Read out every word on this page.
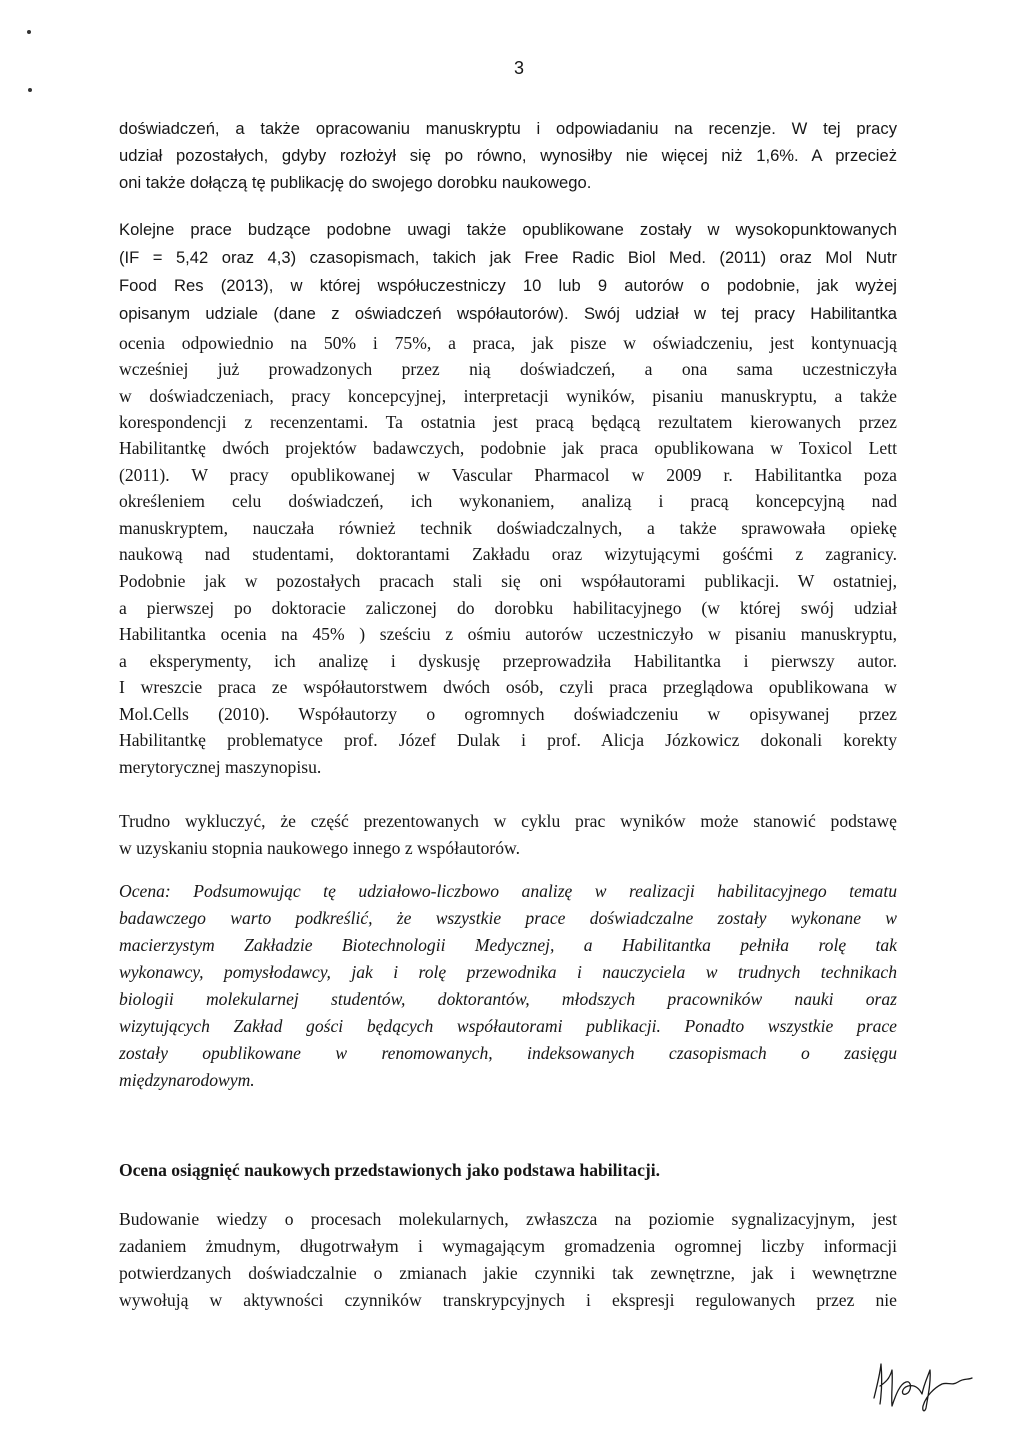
3
doświadczeń, a także opracowaniu manuskryptu i odpowiadaniu na recenzje. W tej pracy
udział pozostałych, gdyby rozłożył się po równo, wynosiłby nie więcej niż 1,6%. A przecież
oni także dołączą tę publikację do swojego dorobku naukowego.
Kolejne prace budzące podobne uwagi także opublikowane zostały w wysokopunktowanych
(IF = 5,42 oraz 4,3) czasopismach, takich jak Free Radic Biol Med. (2011) oraz Mol Nutr
Food Res (2013), w której współuczestniczy 10 lub 9 autorów o podobnie, jak wyżej
opisanym udziale (dane z oświadczeń współautorów). Swój udział w tej pracy Habilitantka
ocenia odpowiednio na 50% i 75%, a praca, jak pisze w oświadczeniu, jest kontynuacją
wcześniej już prowadzonych przez nią doświadczeń, a ona sama uczestniczyła
w doświadczeniach, pracy koncepcyjnej, interpretacji wyników, pisaniu manuskryptu, a także
korespondencji z recenzentami. Ta ostatnia jest pracą będącą rezultatem kierowanych przez
Habilitantkę dwóch projektów badawczych, podobnie jak praca opublikowana w Toxicol Lett
(2011). W pracy opublikowanej w Vascular Pharmacol w 2009 r. Habilitantka poza
określeniem celu doświadczeń, ich wykonaniem, analizą i pracą koncepcyjną nad
manuskryptem, nauczała również technik doświadczalnych, a także sprawowała opiekę
naukową nad studentami, doktorantami Zakładu oraz wizytującymi gośćmi z zagranicy.
Podobnie jak w pozostałych pracach stali się oni współautorami publikacji. W ostatniej,
a pierwszej po doktoracie zaliczonej do dorobku habilitacyjnego (w której swój udział
Habilitantka ocenia na 45% ) sześciu z ośmiu autorów uczestniczyło w pisaniu manuskryptu,
a eksperymenty, ich analizę i dyskusję przeprowadziła Habilitantka i pierwszy autor.
I wreszcie praca ze współautorstwem dwóch osób, czyli praca przeglądowa opublikowana w
Mol.Cells (2010). Współautorzy o ogromnych doświadczeniu w opisywanej przez
Habilitantkę problematyce prof. Józef Dulak i prof. Alicja Józkowicz dokonali korekty
merytorycznej maszynopisu.
Trudno wykluczyć, że część prezentowanych w cyklu prac wyników może stanowić podstawę
w uzyskaniu stopnia naukowego innego z współautorów.
Ocena: Podsumowując tę udziałowo-liczbowo analizę w realizacji habilitacyjnego tematu
badawczego warto podkreślić, że wszystkie prace doświadczalne zostały wykonane w
macierzystym Zakładzie Biotechnologii Medycznej, a Habilitantka pełniła rolę tak
wykonawcy, pomysłodawcy, jak i rolę przewodnika i nauczyciela w trudnych technikach
biologii molekularnej studentów, doktorantów, młodszych pracowników nauki oraz
wizytujących Zakład gości będących współautorami publikacji. Ponadto wszystkie prace
zostały opublikowane w renomowanych, indeksowanych czasopismach o zasięgu
międzynarodowym.
Ocena osiągnięć naukowych przedstawionych jako podstawa habilitacji.
Budowanie wiedzy o procesach molekularnych, zwłaszcza na poziomie sygnalizacyjnym, jest
zadaniem żmudnym, długotrwałym i wymagającym gromadzenia ogromnej liczby informacji
potwierdzanych doświadczalnie o zmianach jakie czynniki tak zewnętrzne, jak i wewnętrzne
wywołują w aktywności czynników transkrypcyjnych i ekspresji regulowanych przez nie
